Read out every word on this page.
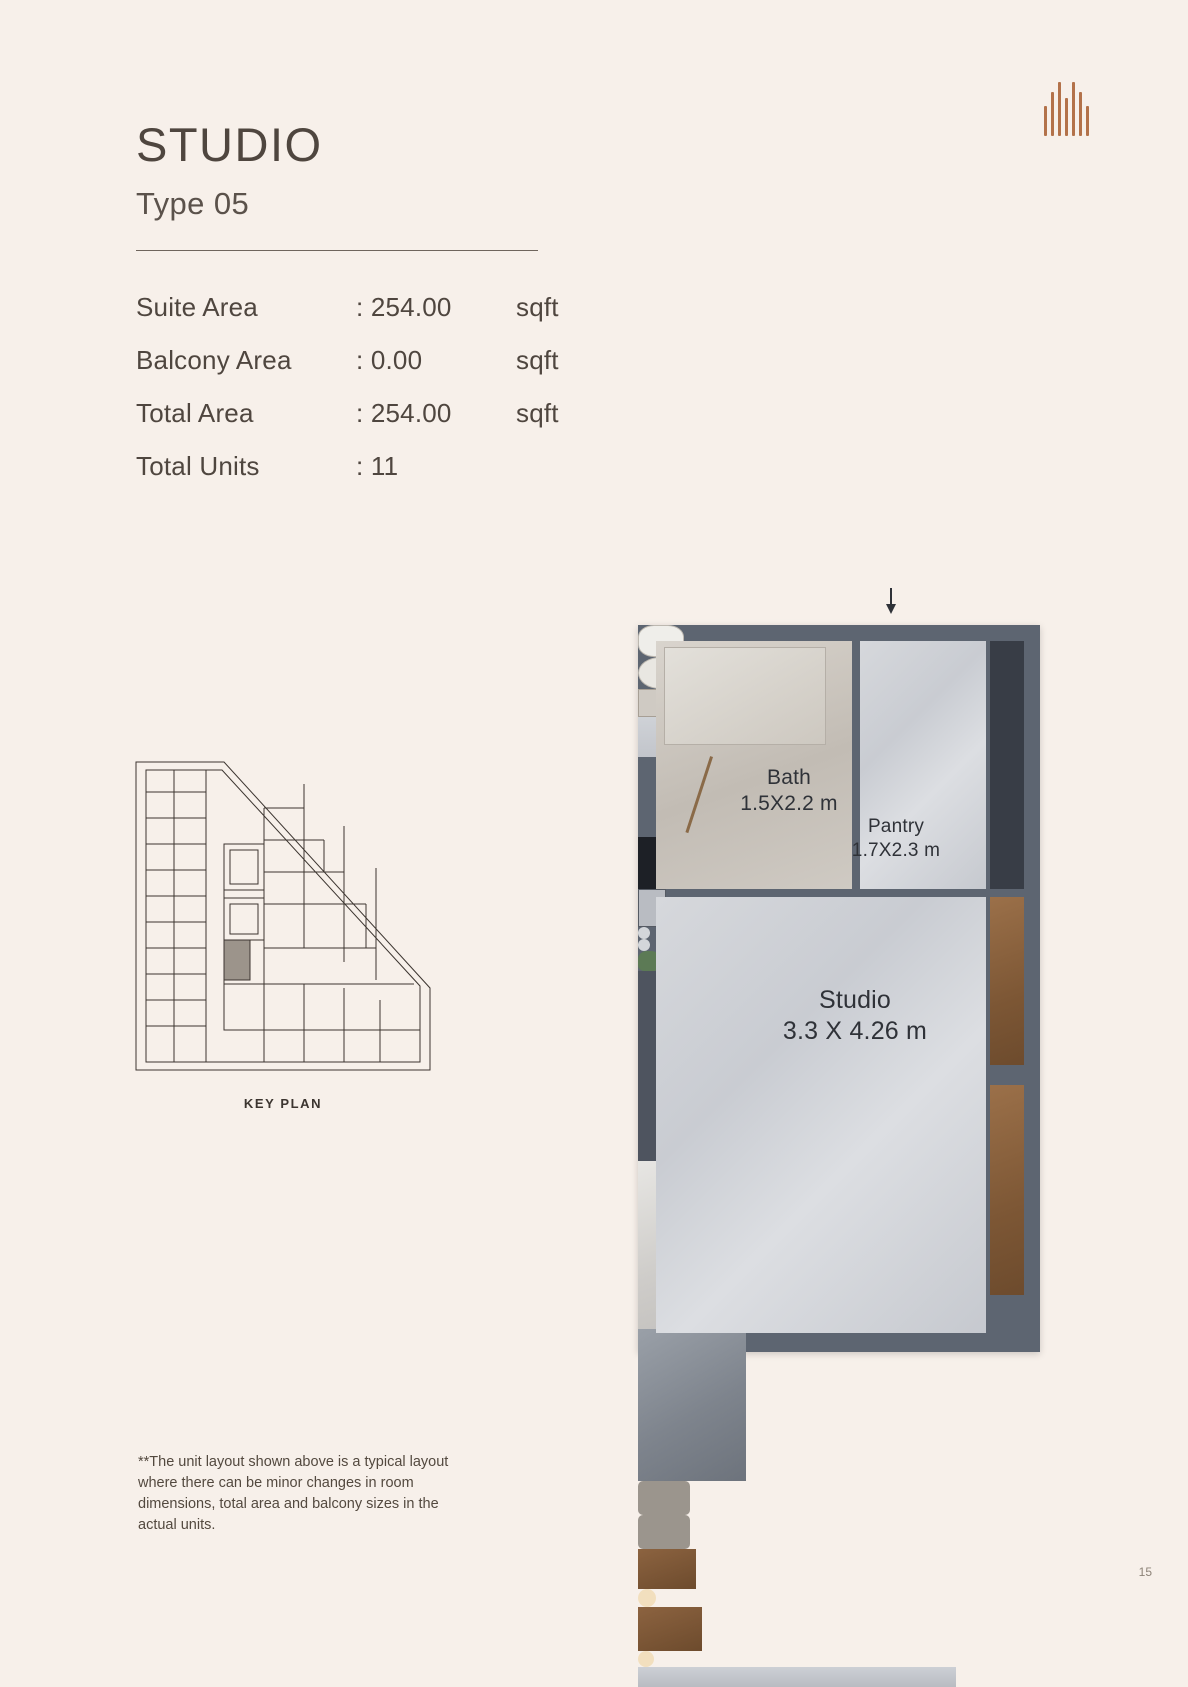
STUDIO
Type 05
Suite Area	: 254.00	sqft
Balcony Area	: 0.00	sqft
Total Area	: 254.00	sqft
Total Units	: 11	
KEY PLAN
Bath
1.5X2.2 m
Pantry
1.7X2.3 m
Studio
3.3 X 4.26 m
**The unit layout shown above is a typical layout where there can be minor changes in room dimensions, total area and balcony sizes in the actual units.
15
